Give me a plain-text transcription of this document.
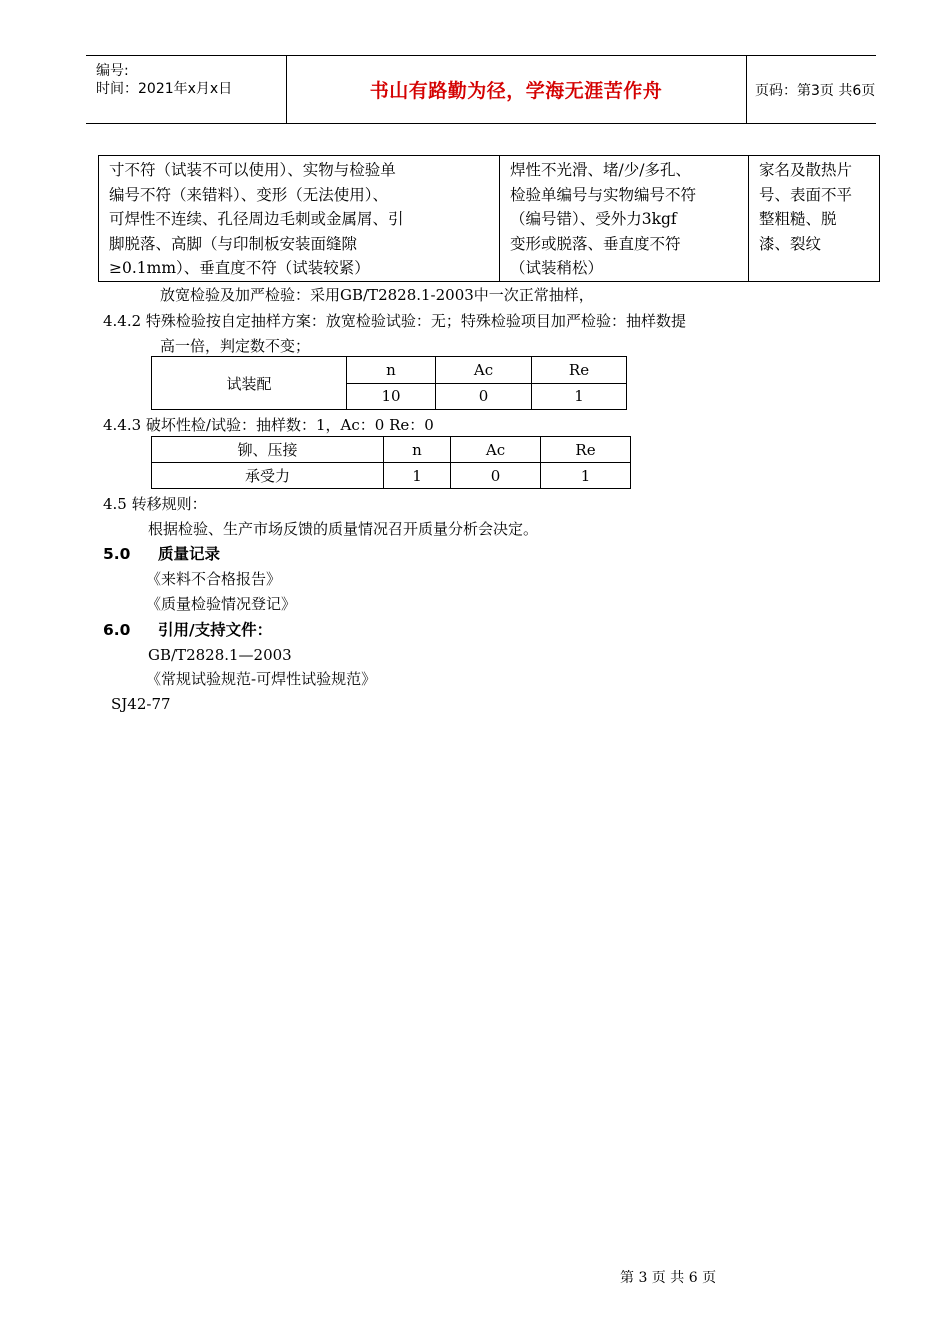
编号:
时间：2021年x月x日	书山有路勤为径，学海无涯苦作舟	页码：第3页 共6页
寸不符（试装不可以使用）、实物与检验单
编号不符（来错料）、变形（无法使用）、
可焊性不连续、孔径周边毛刺或金属屑、引
脚脱落、高脚（与印制板安装面缝隙
≥0.1mm）、垂直度不符（试装较紧）

焊性不光滑、堵/少/多孔、
检验单编号与实物编号不符
（编号错）、受外力3kgf
变形或脱落、垂直度不符
（试装稍松）

家名及散热片
号、表面不平
整粗糙、脱
漆、裂纹
放宽检验及加严检验：采用GB/T2828.1-2003中一次正常抽样，
4.4.2 特殊检验按自定抽样方案：放宽检验试验：无；特殊检验项目加严检验：抽样数提
高一倍，判定数不变；
试装配	n	Ac	Re
	10	0	1
4.4.3 破坏性检/试验：抽样数：1，Ac：0 Re：0
铆、压接	n	Ac	Re
承受力	1	0	1
4.5 转移规则：
根据检验、生产市场反馈的质量情况召开质量分析会决定。
5.0 质量记录
《来料不合格报告》
《质量检验情况登记》
6.0 引用/支持文件：
GB/T2828.1—2003
《常规试验规范-可焊性试验规范》
SJ42-77
第 3 页 共 6 页
